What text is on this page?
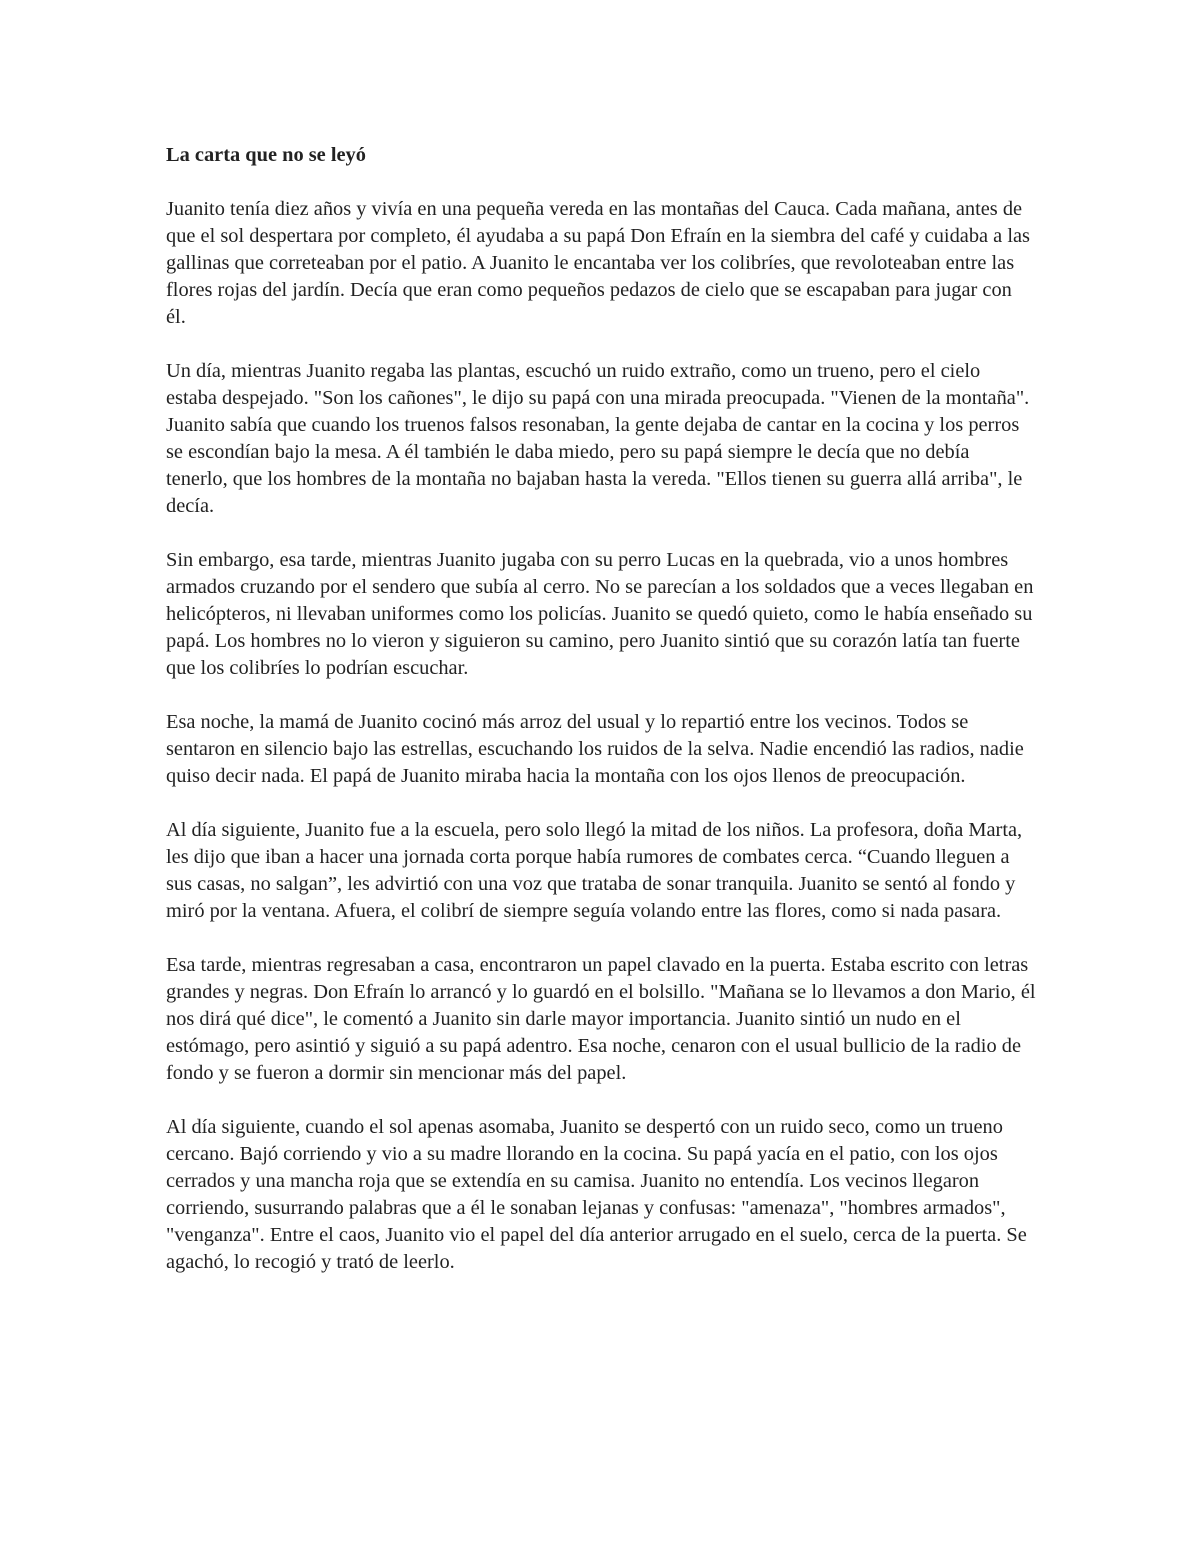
La carta que no se leyó
Juanito tenía diez años y vivía en una pequeña vereda en las montañas del Cauca. Cada mañana, antes de que el sol despertara por completo, él ayudaba a su papá Don Efraín en la siembra del café y cuidaba a las gallinas que correteaban por el patio. A Juanito le encantaba ver los colibríes, que revoloteaban entre las flores rojas del jardín. Decía que eran como pequeños pedazos de cielo que se escapaban para jugar con él.
Un día, mientras Juanito regaba las plantas, escuchó un ruido extraño, como un trueno, pero el cielo estaba despejado. "Son los cañones", le dijo su papá con una mirada preocupada. "Vienen de la montaña". Juanito sabía que cuando los truenos falsos resonaban, la gente dejaba de cantar en la cocina y los perros se escondían bajo la mesa. A él también le daba miedo, pero su papá siempre le decía que no debía tenerlo, que los hombres de la montaña no bajaban hasta la vereda. "Ellos tienen su guerra allá arriba", le decía.
Sin embargo, esa tarde, mientras Juanito jugaba con su perro Lucas en la quebrada, vio a unos hombres armados cruzando por el sendero que subía al cerro. No se parecían a los soldados que a veces llegaban en helicópteros, ni llevaban uniformes como los policías. Juanito se quedó quieto, como le había enseñado su papá. Los hombres no lo vieron y siguieron su camino, pero Juanito sintió que su corazón latía tan fuerte que los colibríes lo podrían escuchar.
Esa noche, la mamá de Juanito cocinó más arroz del usual y lo repartió entre los vecinos. Todos se sentaron en silencio bajo las estrellas, escuchando los ruidos de la selva. Nadie encendió las radios, nadie quiso decir nada. El papá de Juanito miraba hacia la montaña con los ojos llenos de preocupación.
Al día siguiente, Juanito fue a la escuela, pero solo llegó la mitad de los niños. La profesora, doña Marta, les dijo que iban a hacer una jornada corta porque había rumores de combates cerca. “Cuando lleguen a sus casas, no salgan”, les advirtió con una voz que trataba de sonar tranquila. Juanito se sentó al fondo y miró por la ventana. Afuera, el colibrí de siempre seguía volando entre las flores, como si nada pasara.
Esa tarde, mientras regresaban a casa, encontraron un papel clavado en la puerta. Estaba escrito con letras grandes y negras. Don Efraín lo arrancó y lo guardó en el bolsillo. "Mañana se lo llevamos a don Mario, él nos dirá qué dice", le comentó a Juanito sin darle mayor importancia. Juanito sintió un nudo en el estómago, pero asintió y siguió a su papá adentro. Esa noche, cenaron con el usual bullicio de la radio de fondo y se fueron a dormir sin mencionar más del papel.
Al día siguiente, cuando el sol apenas asomaba, Juanito se despertó con un ruido seco, como un trueno cercano. Bajó corriendo y vio a su madre llorando en la cocina. Su papá yacía en el patio, con los ojos cerrados y una mancha roja que se extendía en su camisa. Juanito no entendía. Los vecinos llegaron corriendo, susurrando palabras que a él le sonaban lejanas y confusas: "amenaza", "hombres armados", "venganza". Entre el caos, Juanito vio el papel del día anterior arrugado en el suelo, cerca de la puerta. Se agachó, lo recogió y trató de leerlo.
